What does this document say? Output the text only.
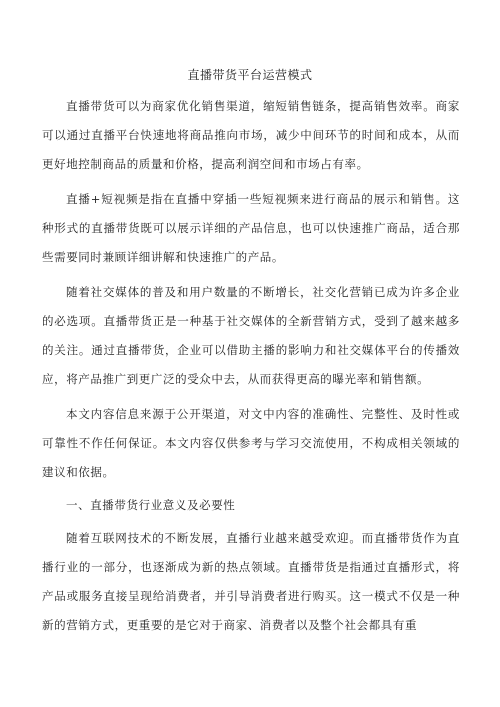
直播带货平台运营模式

直播带货可以为商家优化销售渠道，缩短销售链条，提高销售效率。商家可以通过直播平台快速地将商品推向市场，减少中间环节的时间和成本，从而更好地控制商品的质量和价格，提高利润空间和市场占有率。

直播+短视频是指在直播中穿插一些短视频来进行商品的展示和销售。这种形式的直播带货既可以展示详细的产品信息，也可以快速推广商品，适合那些需要同时兼顾详细讲解和快速推广的产品。

随着社交媒体的普及和用户数量的不断增长，社交化营销已成为许多企业的必选项。直播带货正是一种基于社交媒体的全新营销方式，受到了越来越多的关注。通过直播带货，企业可以借助主播的影响力和社交媒体平台的传播效应，将产品推广到更广泛的受众中去，从而获得更高的曝光率和销售额。

本文内容信息来源于公开渠道，对文中内容的准确性、完整性、及时性或可靠性不作任何保证。本文内容仅供参考与学习交流使用，不构成相关领域的建议和依据。

一、直播带货行业意义及必要性

随着互联网技术的不断发展，直播行业越来越受欢迎。而直播带货作为直播行业的一部分，也逐渐成为新的热点领域。直播带货是指通过直播形式，将产品或服务直接呈现给消费者，并引导消费者进行购买。这一模式不仅是一种新的营销方式，更重要的是它对于商家、消费者以及整个社会都具有重
